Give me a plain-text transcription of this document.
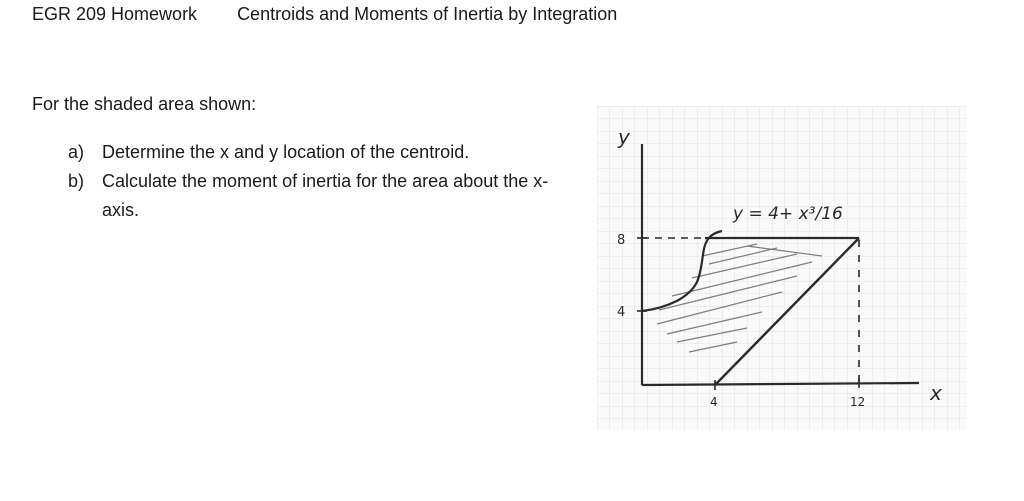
EGR 209 Homework Centroids and Moments of Inertia by Integration
For the shaded area shown:
a) Determine the x and y location of the centroid.
b) Calculate the moment of inertia for the area about the x-axis.
y
x
8
4
4	12
y = 4+ x³/16
